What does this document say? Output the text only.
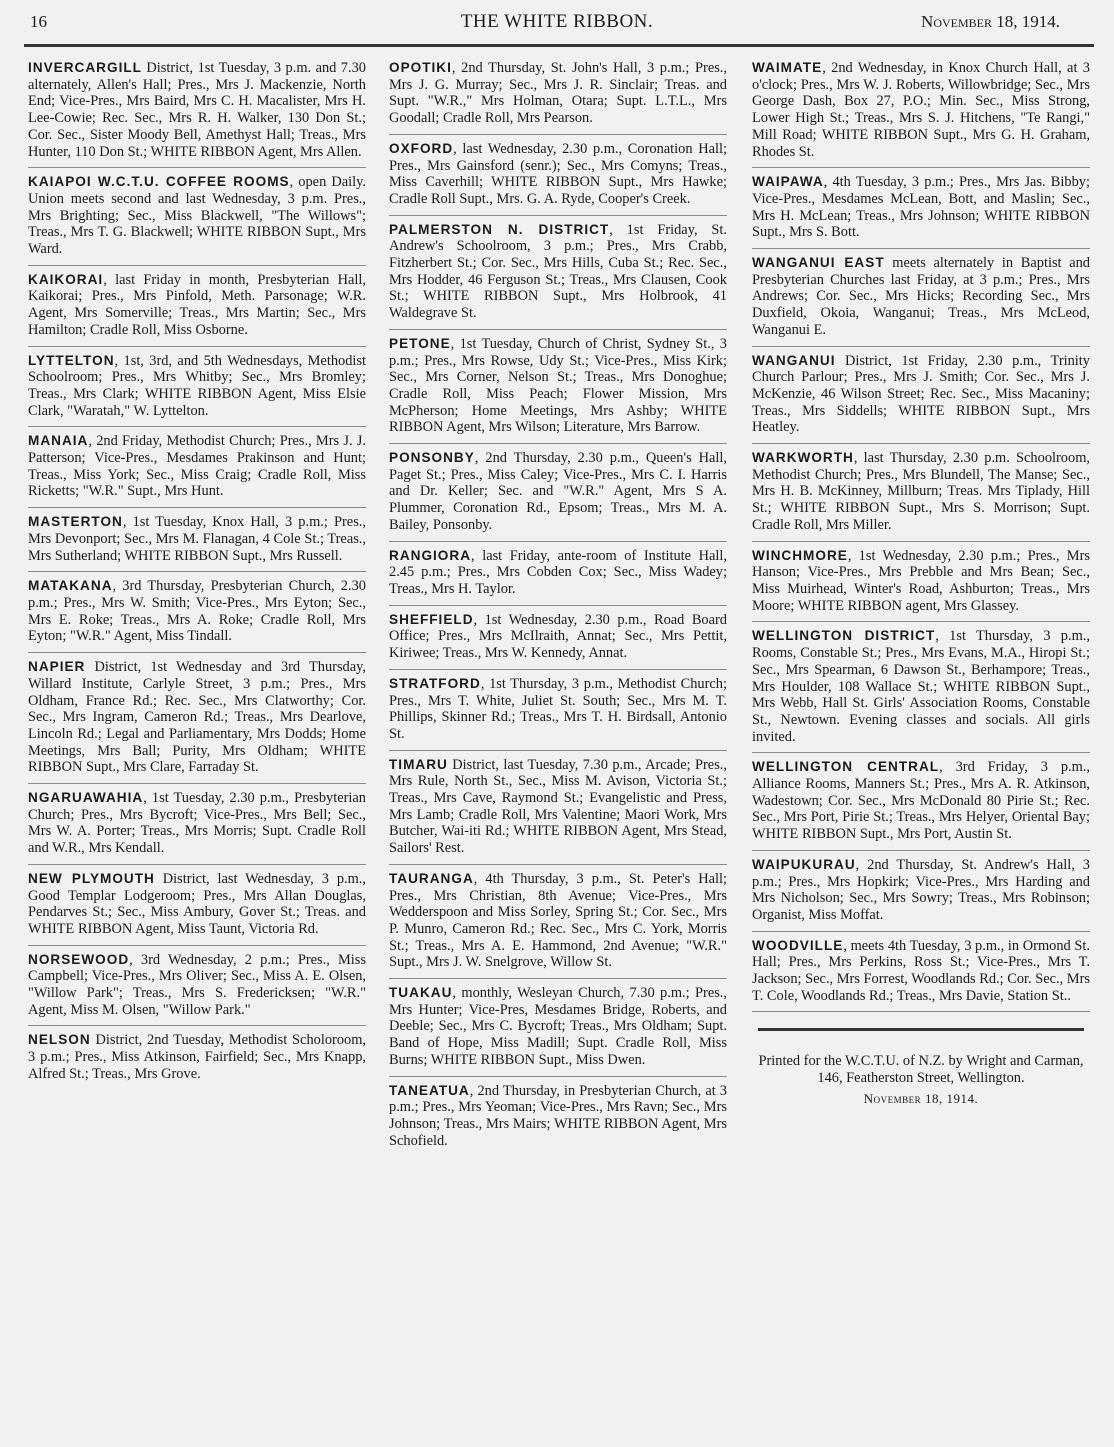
16	THE WHITE RIBBON.	November 18, 1914.
INVERCARGILL District, 1st Tuesday, 3 p.m. and 7.30 alternately, Allen's Hall; Pres., Mrs J. Mackenzie, North End; Vice-Pres., Mrs Baird, Mrs C. H. Macalister, Mrs H. Lee-Cowie; Rec. Sec., Mrs R. H. Walker, 130 Don St.; Cor. Sec., Sister Moody Bell, Amethyst Hall; Treas., Mrs Hunter, 110 Don St.; WHITE RIBBON Agent, Mrs Allen.
KAIAPOI W.C.T.U. COFFEE ROOMS, open Daily. Union meets second and last Wednesday, 3 p.m. Pres., Mrs Brighting; Sec., Miss Blackwell, "The Willows"; Treas., Mrs T. G. Blackwell; WHITE RIBBON Supt., Mrs Ward.
KAIKORAI, last Friday in month, Presbyterian Hall, Kaikorai; Pres., Mrs Pinfold, Meth. Parsonage; W.R. Agent, Mrs Somerville; Treas., Mrs Martin; Sec., Mrs Hamilton; Cradle Roll, Miss Osborne.
LYTTELTON, 1st, 3rd, and 5th Wednesdays, Methodist Schoolroom; Pres., Mrs Whitby; Sec., Mrs Bromley; Treas., Mrs Clark; WHITE RIBBON Agent, Miss Elsie Clark, "Waratah," W. Lyttelton.
MANAIA, 2nd Friday, Methodist Church; Pres., Mrs J. J. Patterson; Vice-Pres., Mesdames Prakinson and Hunt; Treas., Miss York; Sec., Miss Craig; Cradle Roll, Miss Ricketts; "W.R." Supt., Mrs Hunt.
MASTERTON, 1st Tuesday, Knox Hall, 3 p.m.; Pres., Mrs Devonport; Sec., Mrs M. Flanagan, 4 Cole St.; Treas., Mrs Sutherland; WHITE RIBBON Supt., Mrs Russell.
MATAKANA, 3rd Thursday, Presbyterian Church, 2.30 p.m.; Pres., Mrs W. Smith; Vice-Pres., Mrs Eyton; Sec., Mrs E. Roke; Treas., Mrs A. Roke; Cradle Roll, Mrs Eyton; "W.R." Agent, Miss Tindall.
NAPIER District, 1st Wednesday and 3rd Thursday, Willard Institute, Carlyle Street, 3 p.m.; Pres., Mrs Oldham, France Rd.; Rec. Sec., Mrs Clatworthy; Cor. Sec., Mrs Ingram, Cameron Rd.; Treas., Mrs Dearlove, Lincoln Rd.; Legal and Parliamentary, Mrs Dodds; Home Meetings, Mrs Ball; Purity, Mrs Oldham; WHITE RIBBON Supt., Mrs Clare, Farraday St.
NGARUAWAHIA, 1st Tuesday, 2.30 p.m., Presbyterian Church; Pres., Mrs Bycroft; Vice-Pres., Mrs Bell; Sec., Mrs W. A. Porter; Treas., Mrs Morris; Supt. Cradle Roll and W.R., Mrs Kendall.
NEW PLYMOUTH District, last Wednesday, 3 p.m., Good Templar Lodgeroom; Pres., Mrs Allan Douglas, Pendarves St.; Sec., Miss Ambury, Gover St.; Treas. and WHITE RIBBON Agent, Miss Taunt, Victoria Rd.
NORSEWOOD, 3rd Wednesday, 2 p.m.; Pres., Miss Campbell; Vice-Pres., Mrs Oliver; Sec., Miss A. E. Olsen, "Willow Park"; Treas., Mrs S. Fredericksen; "W.R." Agent, Miss M. Olsen, "Willow Park."
NELSON District, 2nd Tuesday, Methodist Scholoroom, 3 p.m.; Pres., Miss Atkinson, Fairfield; Sec., Mrs Knapp, Alfred St.; Treas., Mrs Grove.
OPOTIKI, 2nd Thursday, St. John's Hall, 3 p.m.; Pres., Mrs J. G. Murray; Sec., Mrs J. R. Sinclair; Treas. and Supt. "W.R.," Mrs Holman, Otara; Supt. L.T.L., Mrs Goodall; Cradle Roll, Mrs Pearson.
OXFORD, last Wednesday, 2.30 p.m., Coronation Hall; Pres., Mrs Gainsford (senr.); Sec., Mrs Comyns; Treas., Miss Caverhill; WHITE RIBBON Supt., Mrs Hawke; Cradle Roll Supt., Mrs. G. A. Ryde, Cooper's Creek.
PALMERSTON N. DISTRICT, 1st Friday, St. Andrew's Schoolroom, 3 p.m.; Pres., Mrs Crabb, Fitzherbert St.; Cor. Sec., Mrs Hills, Cuba St.; Rec. Sec., Mrs Hodder, 46 Ferguson St.; Treas., Mrs Clausen, Cook St.; WHITE RIBBON Supt., Mrs Holbrook, 41 Waldegrave St.
PETONE, 1st Tuesday, Church of Christ, Sydney St., 3 p.m.; Pres., Mrs Rowse, Udy St.; Vice-Pres., Miss Kirk; Sec., Mrs Corner, Nelson St.; Treas., Mrs Donoghue; Cradle Roll, Miss Peach; Flower Mission, Mrs McPherson; Home Meetings, Mrs Ashby; WHITE RIBBON Agent, Mrs Wilson; Literature, Mrs Barrow.
PONSONBY, 2nd Thursday, 2.30 p.m., Queen's Hall, Paget St.; Pres., Miss Caley; Vice-Pres., Mrs C. I. Harris and Dr. Keller; Sec. and "W.R." Agent, Mrs S A. Plummer, Coronation Rd., Epsom; Treas., Mrs M. A. Bailey, Ponsonby.
RANGIORA, last Friday, ante-room of Institute Hall, 2.45 p.m.; Pres., Mrs Cobden Cox; Sec., Miss Wadey; Treas., Mrs H. Taylor.
SHEFFIELD, 1st Wednesday, 2.30 p.m., Road Board Office; Pres., Mrs McIlraith, Annat; Sec., Mrs Pettit, Kiriwee; Treas., Mrs W. Kennedy, Annat.
STRATFORD, 1st Thursday, 3 p.m., Methodist Church; Pres., Mrs T. White, Juliet St. South; Sec., Mrs M. T. Phillips, Skinner Rd.; Treas., Mrs T. H. Birdsall, Antonio St.
TIMARU District, last Tuesday, 7.30 p.m., Arcade; Pres., Mrs Rule, North St., Sec., Miss M. Avison, Victoria St.; Treas., Mrs Cave, Raymond St.; Evangelistic and Press, Mrs Lamb; Cradle Roll, Mrs Valentine; Maori Work, Mrs Butcher, Wai-iti Rd.; WHITE RIBBON Agent, Mrs Stead, Sailors' Rest.
TAURANGA, 4th Thursday, 3 p.m., St. Peter's Hall; Pres., Mrs Christian, 8th Avenue; Vice-Pres., Mrs Wedderspoon and Miss Sorley, Spring St.; Cor. Sec., Mrs P. Munro, Cameron Rd.; Rec. Sec., Mrs C. York, Morris St.; Treas., Mrs A. E. Hammond, 2nd Avenue; "W.R." Supt., Mrs J. W. Snelgrove, Willow St.
TUAKAU, monthly, Wesleyan Church, 7.30 p.m.; Pres., Mrs Hunter; Vice-Pres, Mesdames Bridge, Roberts, and Deeble; Sec., Mrs C. Bycroft; Treas., Mrs Oldham; Supt. Band of Hope, Miss Madill; Supt. Cradle Roll, Miss Burns; WHITE RIBBON Supt., Miss Dwen.
TANEATUA, 2nd Thursday, in Presbyterian Church, at 3 p.m.; Pres., Mrs Yeoman; Vice-Pres., Mrs Ravn; Sec., Mrs Johnson; Treas., Mrs Mairs; WHITE RIBBON Agent, Mrs Schofield.
WAIMATE, 2nd Wednesday, in Knox Church Hall, at 3 o'clock; Pres., Mrs W. J. Roberts, Willowbridge; Sec., Mrs George Dash, Box 27, P.O.; Min. Sec., Miss Strong, Lower High St.; Treas., Mrs S. J. Hitchens, "Te Rangi," Mill Road; WHITE RIBBON Supt., Mrs G. H. Graham, Rhodes St.
WAIPAWA, 4th Tuesday, 3 p.m.; Pres., Mrs Jas. Bibby; Vice-Pres., Mesdames McLean, Bott, and Maslin; Sec., Mrs H. McLean; Treas., Mrs Johnson; WHITE RIBBON Supt., Mrs S. Bott.
WANGANUI EAST meets alternately in Baptist and Presbyterian Churches last Friday, at 3 p.m.; Pres., Mrs Andrews; Cor. Sec., Mrs Hicks; Recording Sec., Mrs Duxfield, Okoia, Wanganui; Treas., Mrs McLeod, Wanganui E.
WANGANUI District, 1st Friday, 2.30 p.m., Trinity Church Parlour; Pres., Mrs J. Smith; Cor. Sec., Mrs J. McKenzie, 46 Wilson Street; Rec. Sec., Miss Macaniny; Treas., Mrs Siddells; WHITE RIBBON Supt., Mrs Heatley.
WARKWORTH, last Thursday, 2.30 p.m. Schoolroom, Methodist Church; Pres., Mrs Blundell, The Manse; Sec., Mrs H. B. McKinney, Millburn; Treas. Mrs Tiplady, Hill St.; WHITE RIBBON Supt., Mrs S. Morrison; Supt. Cradle Roll, Mrs Miller.
WINCHMORE, 1st Wednesday, 2.30 p.m.; Pres., Mrs Hanson; Vice-Pres., Mrs Prebble and Mrs Bean; Sec., Miss Muirhead, Winter's Road, Ashburton; Treas., Mrs Moore; WHITE RIBBON agent, Mrs Glassey.
WELLINGTON DISTRICT, 1st Thursday, 3 p.m., Rooms, Constable St.; Pres., Mrs Evans, M.A., Hiropi St.; Sec., Mrs Spearman, 6 Dawson St., Berhampore; Treas., Mrs Houlder, 108 Wallace St.; WHITE RIBBON Supt., Mrs Webb, Hall St. Girls' Association Rooms, Constable St., Newtown. Evening classes and socials. All girls invited.
WELLINGTON CENTRAL, 3rd Friday, 3 p.m., Alliance Rooms, Manners St.; Pres., Mrs A. R. Atkinson, Wadestown; Cor. Sec., Mrs McDonald 80 Pirie St.; Rec. Sec., Mrs Port, Pirie St.; Treas., Mrs Helyer, Oriental Bay; WHITE RIBBON Supt., Mrs Port, Austin St.
WAIPUKURAU, 2nd Thursday, St. Andrew's Hall, 3 p.m.; Pres., Mrs Hopkirk; Vice-Pres., Mrs Harding and Mrs Nicholson; Sec., Mrs Sowry; Treas., Mrs Robinson; Organist, Miss Moffat.
WOODVILLE, meets 4th Tuesday, 3 p.m., in Ormond St. Hall; Pres., Mrs Perkins, Ross St.; Vice-Pres., Mrs T. Jackson; Sec., Mrs Forrest, Woodlands Rd.; Cor. Sec., Mrs T. Cole, Woodlands Rd.; Treas., Mrs Davie, Station St..
Printed for the W.C.T.U. of N.Z. by Wright and Carman, 146, Featherston Street, Wellington.
November 18, 1914.
